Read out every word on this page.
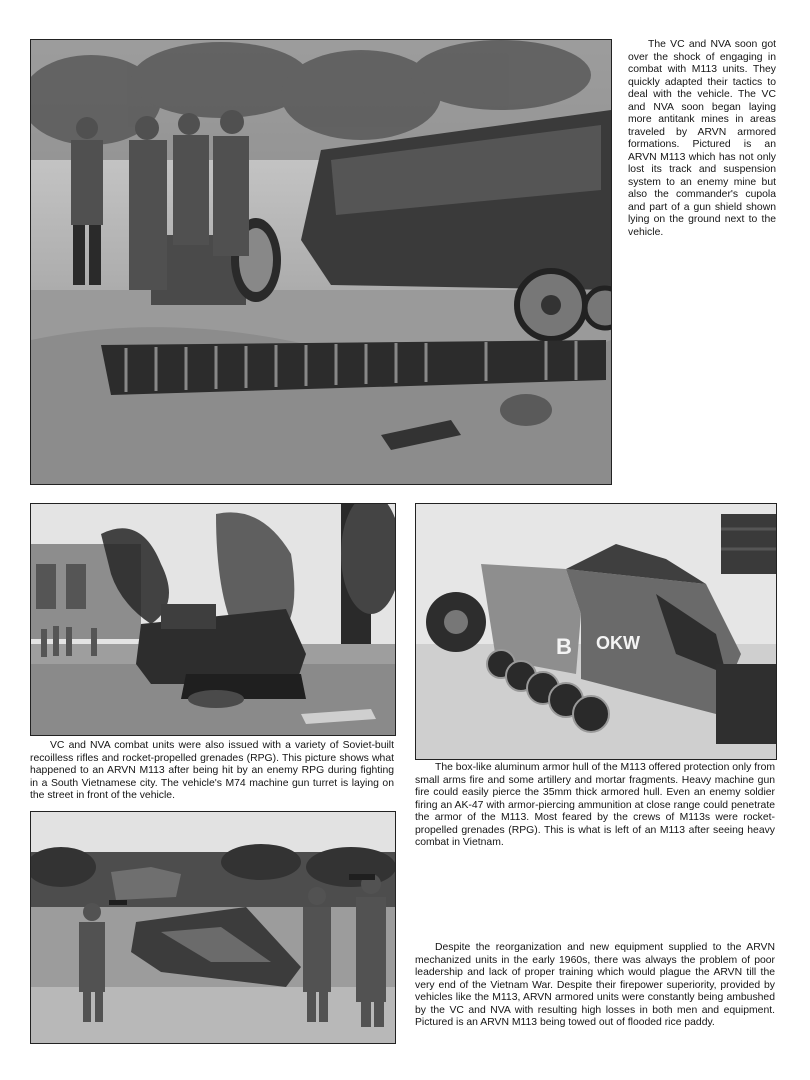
The VC and NVA soon got over the shock of engaging in combat with M113 units. They quickly adapted their tactics to deal with the vehicle. The VC and NVA soon began laying more antitank mines in areas traveled by ARVN armored formations. Pictured is an ARVN M113 which has not only lost its track and suspension system to an enemy mine but also the commander's cupola and part of a gun shield shown lying on the ground next to the vehicle.

VC and NVA combat units were also issued with a variety of Soviet-built recoilless rifles and rocket-propelled grenades (RPG). This picture shows what happened to an ARVN M113 after being hit by an enemy RPG during fighting in a South Vietnamese city. The vehicle's M74 machine gun turret is laying on the street in front of the vehicle.

B OKW

The box-like aluminum armor hull of the M113 offered protection only from small arms fire and some artillery and mortar fragments. Heavy machine gun fire could easily pierce the 35mm thick armored hull. Even an enemy soldier firing an AK-47 with armor-piercing ammunition at close range could penetrate the armor of the M113. Most feared by the crews of M113s were rocket-propelled grenades (RPG). This is what is left of an M113 after seeing heavy combat in Vietnam.

Despite the reorganization and new equipment supplied to the ARVN mechanized units in the early 1960s, there was always the problem of poor leadership and lack of proper training which would plague the ARVN till the very end of the Vietnam War. Despite their firepower superiority, provided by vehicles like the M113, ARVN armored units were constantly being ambushed by the VC and NVA with resulting high losses in both men and equipment. Pictured is an ARVN M113 being towed out of flooded rice paddy.
